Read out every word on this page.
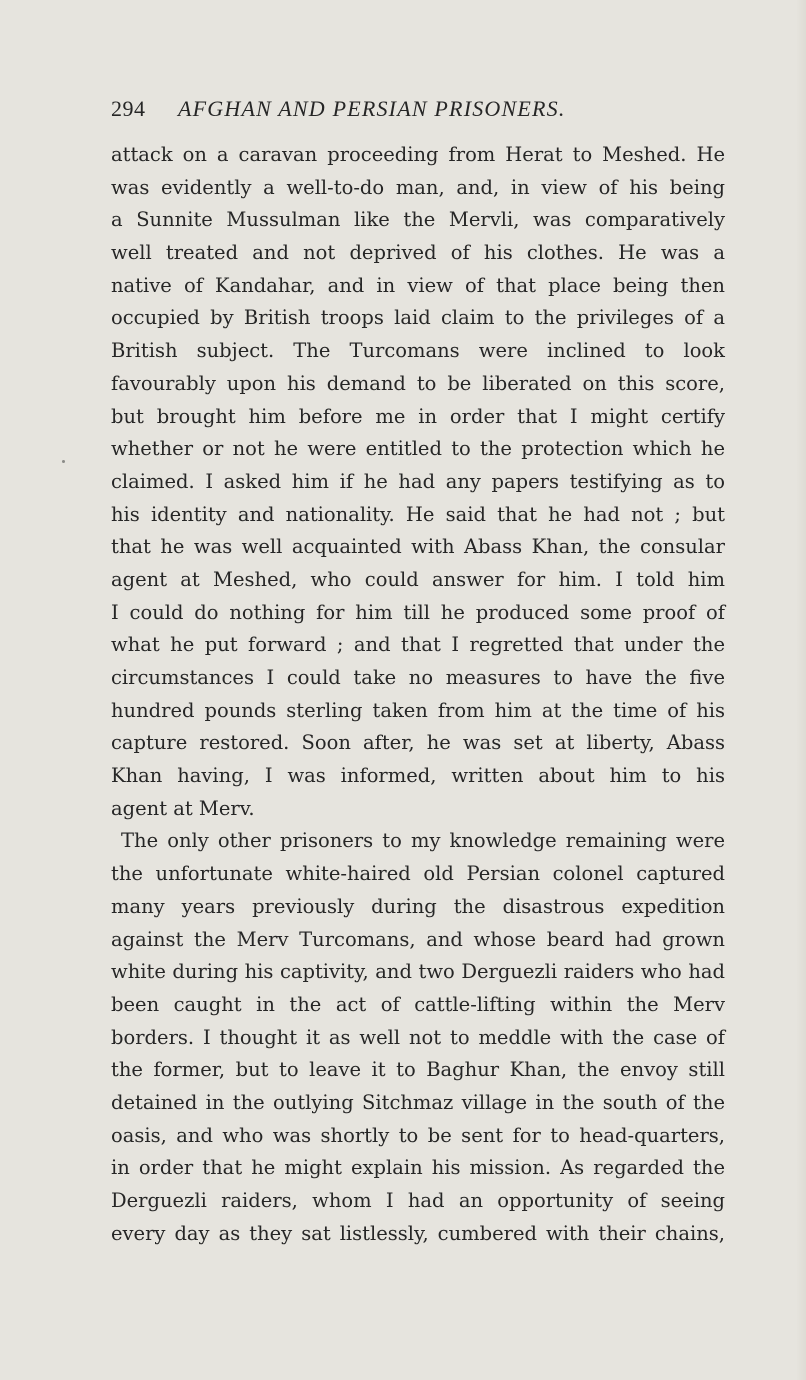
294 AFGHAN AND PERSIAN PRISONERS.
attack on a caravan proceeding from Herat to Meshed. He
was evidently a well-to-do man, and, in view of his being
a Sunnite Mussulman like the Mervli, was comparatively
well treated and not deprived of his clothes. He was a
native of Kandahar, and in view of that place being then
occupied by British troops laid claim to the privileges of a
British subject. The Turcomans were inclined to look
favourably upon his demand to be liberated on this score,
but brought him before me in order that I might certify
whether or not he were entitled to the protection which he
claimed. I asked him if he had any papers testifying as to
his identity and nationality. He said that he had not ; but
that he was well acquainted with Abass Khan, the consular
agent at Meshed, who could answer for him. I told him
I could do nothing for him till he produced some proof of
what he put forward ; and that I regretted that under the
circumstances I could take no measures to have the five
hundred pounds sterling taken from him at the time of his
capture restored. Soon after, he was set at liberty, Abass
Khan having, I was informed, written about him to his
agent at Merv.
The only other prisoners to my knowledge remaining were
the unfortunate white-haired old Persian colonel captured
many years previously during the disastrous expedition
against the Merv Turcomans, and whose beard had grown
white during his captivity, and two Derguezli raiders who had
been caught in the act of cattle-lifting within the Merv
borders. I thought it as well not to meddle with the case of
the former, but to leave it to Baghur Khan, the envoy still
detained in the outlying Sitchmaz village in the south of the
oasis, and who was shortly to be sent for to head-quarters,
in order that he might explain his mission. As regarded the
Derguezli raiders, whom I had an opportunity of seeing
every day as they sat listlessly, cumbered with their chains,
